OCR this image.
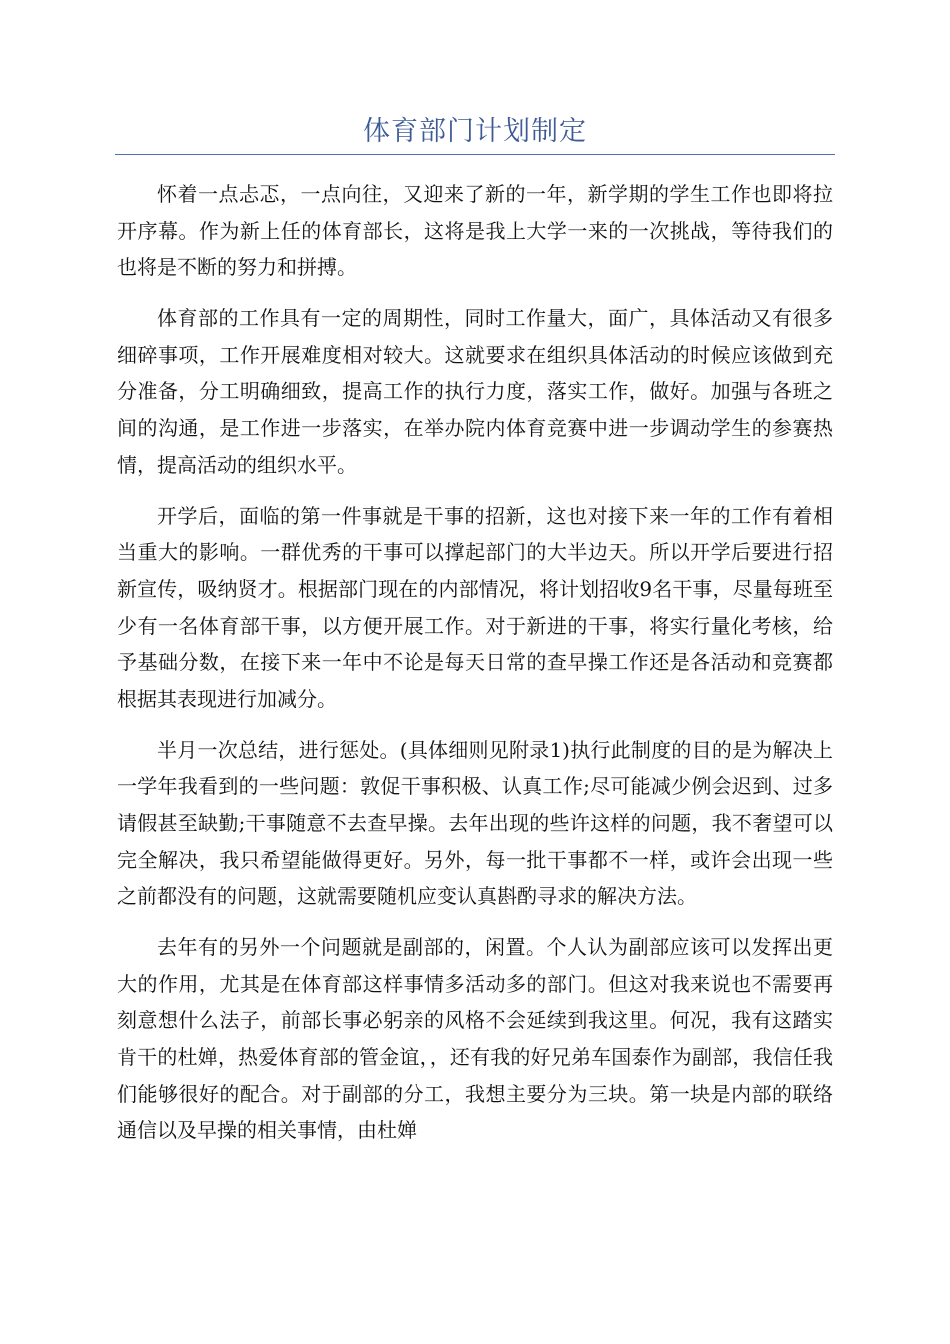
体育部门计划制定

怀着一点忐忑，一点向往，又迎来了新的一年，新学期的学生工作也即将拉开序幕。作为新上任的体育部长，这将是我上大学一来的一次挑战，等待我们的也将是不断的努力和拼搏。

体育部的工作具有一定的周期性，同时工作量大，面广，具体活动又有很多细碎事项，工作开展难度相对较大。这就要求在组织具体活动的时候应该做到充分准备，分工明确细致，提高工作的执行力度，落实工作，做好。加强与各班之间的沟通，是工作进一步落实，在举办院内体育竞赛中进一步调动学生的参赛热情，提高活动的组织水平。

开学后，面临的第一件事就是干事的招新，这也对接下来一年的工作有着相当重大的影响。一群优秀的干事可以撑起部门的大半边天。所以开学后要进行招新宣传，吸纳贤才。根据部门现在的内部情况，将计划招收9名干事，尽量每班至少有一名体育部干事，以方便开展工作。对于新进的干事，将实行量化考核，给予基础分数，在接下来一年中不论是每天日常的查早操工作还是各活动和竞赛都根据其表现进行加减分。

半月一次总结，进行惩处。(具体细则见附录1)执行此制度的目的是为解决上一学年我看到的一些问题：敦促干事积极、认真工作;尽可能减少例会迟到、过多请假甚至缺勤;干事随意不去查早操。去年出现的些许这样的问题，我不奢望可以完全解决，我只希望能做得更好。另外，每一批干事都不一样，或许会出现一些之前都没有的问题，这就需要随机应变认真斟酌寻求的解决方法。

去年有的另外一个问题就是副部的，闲置。个人认为副部应该可以发挥出更大的作用，尤其是在体育部这样事情多活动多的部门。但这对我来说也不需要再刻意想什么法子，前部长事必躬亲的风格不会延续到我这里。何况，我有这踏实肯干的杜婵，热爱体育部的管金谊，，还有我的好兄弟车国泰作为副部，我信任我们能够很好的配合。对于副部的分工，我想主要分为三块。第一块是内部的联络通信以及早操的相关事情，由杜婵
